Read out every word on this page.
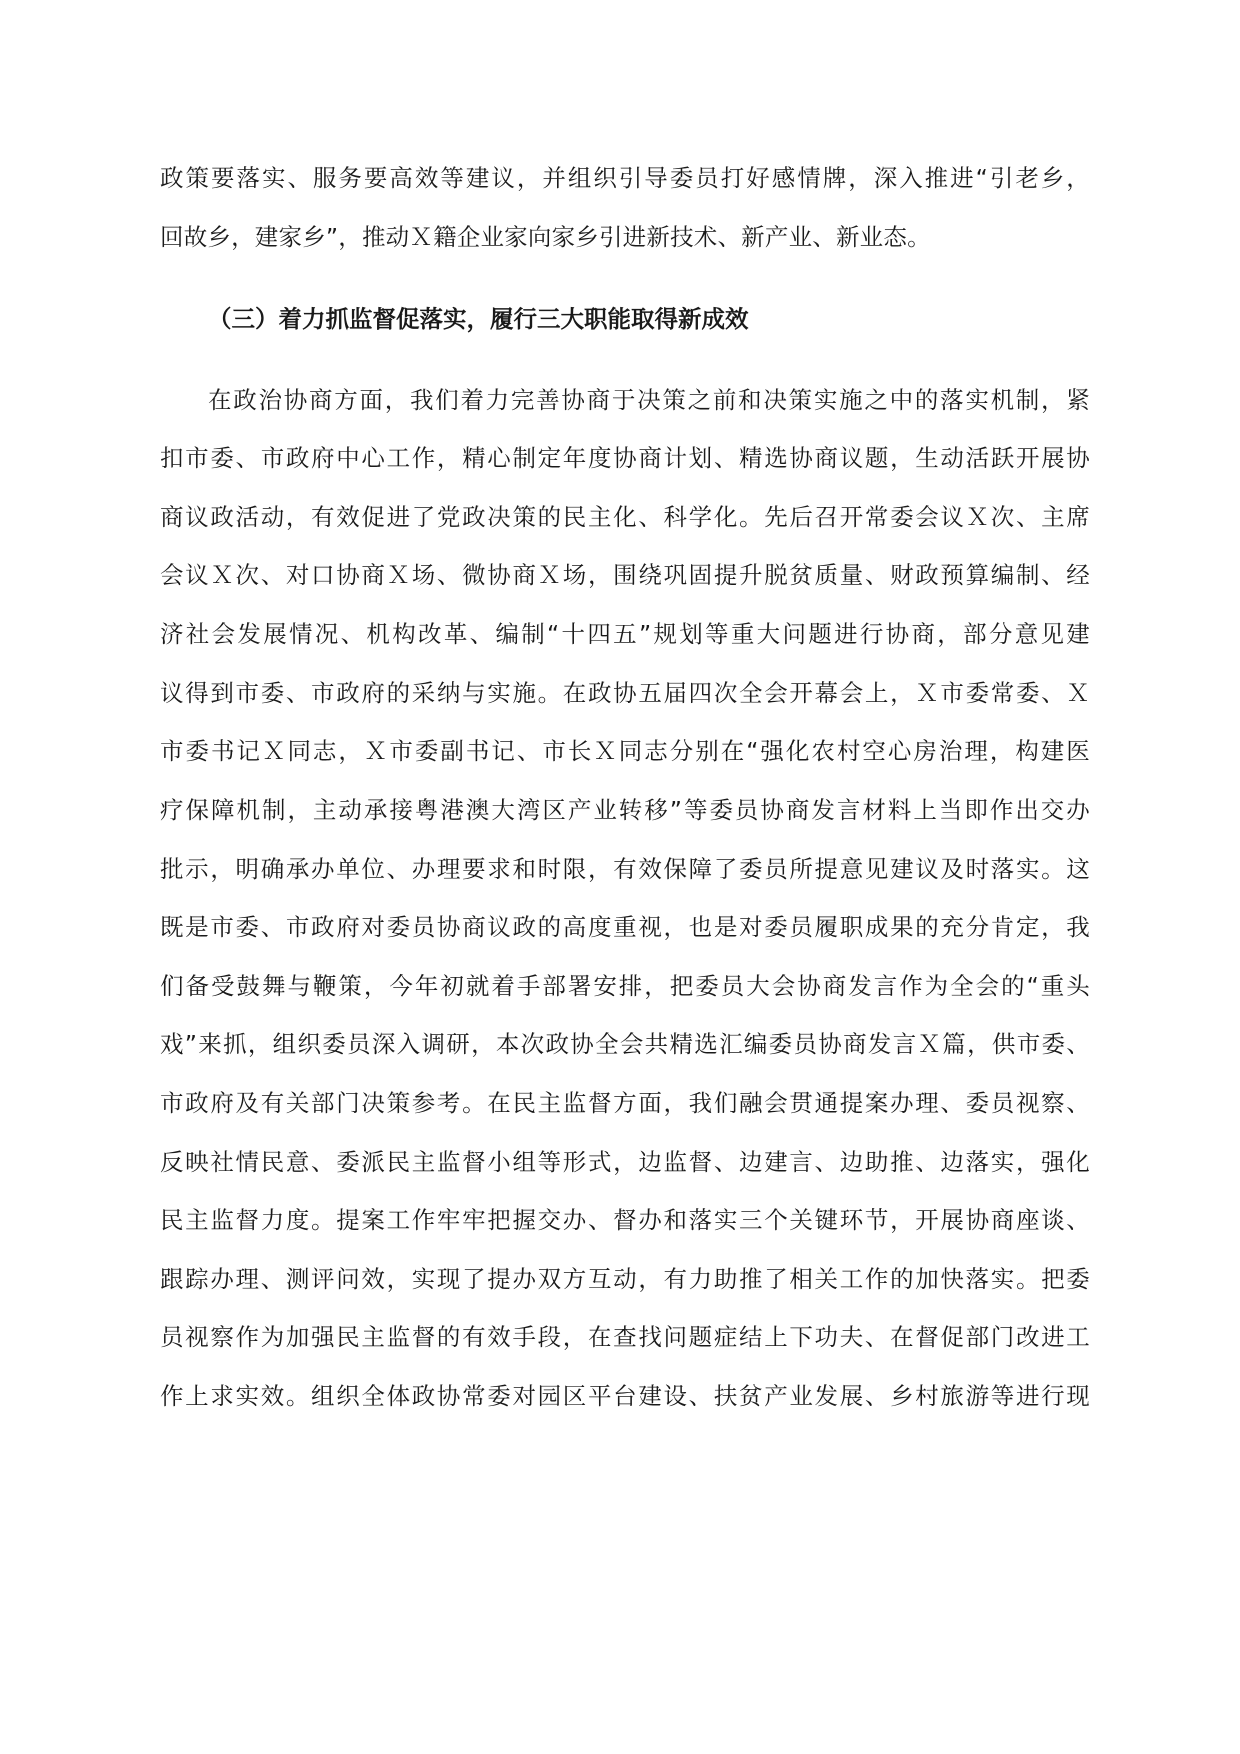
政策要落实、服务要高效等建议，并组织引导委员打好感情牌，深入推进“引老乡，
回故乡，建家乡”，推动Ｘ籍企业家向家乡引进新技术、新产业、新业态。
（三）着力抓监督促落实，履行三大职能取得新成效
在政治协商方面，我们着力完善协商于决策之前和决策实施之中的落实机制，紧
扣市委、市政府中心工作，精心制定年度协商计划、精选协商议题，生动活跃开展协
商议政活动，有效促进了党政决策的民主化、科学化。先后召开常委会议Ｘ次、主席
会议Ｘ次、对口协商Ｘ场、微协商Ｘ场，围绕巩固提升脱贫质量、财政预算编制、经
济社会发展情况、机构改革、编制“十四五”规划等重大问题进行协商，部分意见建
议得到市委、市政府的采纳与实施。在政协五届四次全会开幕会上，Ｘ市委常委、Ｘ
市委书记Ｘ同志，Ｘ市委副书记、市长Ｘ同志分别在“强化农村空心房治理，构建医
疗保障机制，主动承接粤港澳大湾区产业转移”等委员协商发言材料上当即作出交办
批示，明确承办单位、办理要求和时限，有效保障了委员所提意见建议及时落实。这
既是市委、市政府对委员协商议政的高度重视，也是对委员履职成果的充分肯定，我
们备受鼓舞与鞭策，今年初就着手部署安排，把委员大会协商发言作为全会的“重头
戏”来抓，组织委员深入调研，本次政协全会共精选汇编委员协商发言Ｘ篇，供市委、
市政府及有关部门决策参考。在民主监督方面，我们融会贯通提案办理、委员视察、
反映社情民意、委派民主监督小组等形式，边监督、边建言、边助推、边落实，强化
民主监督力度。提案工作牢牢把握交办、督办和落实三个关键环节，开展协商座谈、
跟踪办理、测评问效，实现了提办双方互动，有力助推了相关工作的加快落实。把委
员视察作为加强民主监督的有效手段，在查找问题症结上下功夫、在督促部门改进工
作上求实效。组织全体政协常委对园区平台建设、扶贫产业发展、乡村旅游等进行现
